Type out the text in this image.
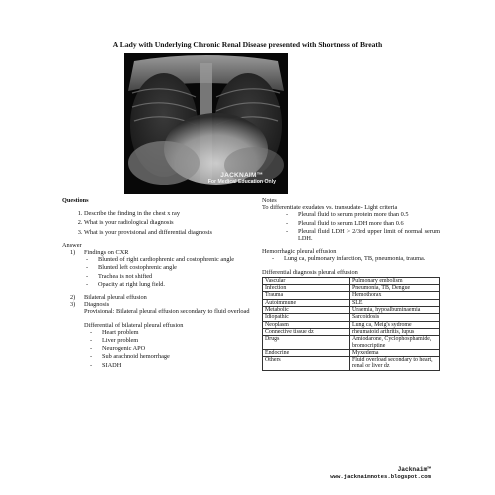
A Lady with Underlying Chronic Renal Disease presented with Shortness of Breath
JACKNAIM™
For Medical Education Only
Questions
1. Describe the finding in the chest x ray
2. What is your radiological diagnosis
3. What is your provisional and differential diagnosis
Answer
1) Findings on CXR
- Blunted of right cardiophrenic and costophrenic angle
- Blunted left costophrenic angle
- Trachea is not shifted
- Opacity at right lung field.
2) Bilateral pleural effusion
3) Diagnosis
Provisional: Bilateral pleural effusion secondary to fluid overload
Differential of bilateral pleural effusion
- Heart problem
- Liver problem
- Neurogenic APO
- Sub arachnoid hemorrhage
- SIADH
Notes
To differentiate exudates vs. transudate- Light criteria
- Pleural fluid to serum protein more than 0.5
- Pleural fluid to serum LDH more than 0.6
- Pleural fluid LDH > 2/3rd upper limit of normal serum LDH.
Hemorrhagic pleural effusion
- Lung ca, pulmonary infarction, TB, pneumonia, trauma.
Differential diagnosis pleural effusion
Vascular	Pulmonary embolism
Infection	Pneumonia, TB, Dengue
Trauma	Hemothorax
Autoimmune	SLE
Metabolic	Uraemia, hypoalbuminaemia
Idiopathic	Sarcoidosis
Neoplasm	Lung ca, Meig's sydrome
Connective tissue dz	rheumatoid arthritis, lupus
Drugs	Amiodarone, Cyclophosphamide, bromocriptine
Endocrine	Myxedema
Others	Fluid overload secondary to heart, renal or liver dz
Jacknaim™
www.jacknaimnotes.blogspot.com
